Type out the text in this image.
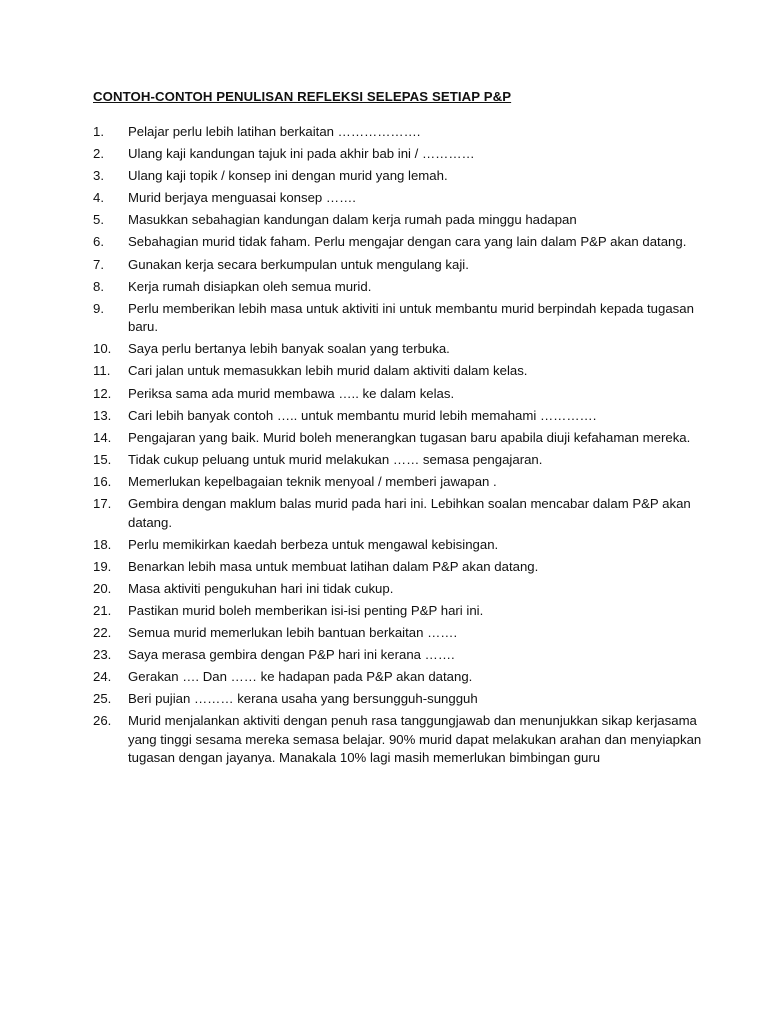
CONTOH-CONTOH PENULISAN REFLEKSI SELEPAS SETIAP P&P
1.	Pelajar perlu lebih latihan berkaitan ……………….
2.	Ulang kaji kandungan tajuk ini pada akhir bab ini / …………
3.	Ulang kaji topik / konsep ini dengan murid yang lemah.
4.	Murid berjaya menguasai konsep …….
5.	Masukkan sebahagian kandungan dalam kerja rumah pada minggu hadapan
6.	Sebahagian murid tidak faham. Perlu mengajar dengan cara yang lain dalam P&P akan datang.
7.	Gunakan kerja secara berkumpulan untuk mengulang kaji.
8.	Kerja rumah disiapkan oleh semua murid.
9.	Perlu memberikan lebih masa untuk aktiviti ini untuk membantu murid berpindah kepada tugasan baru.
10.	Saya perlu bertanya lebih banyak soalan yang terbuka.
11.	Cari jalan untuk memasukkan lebih murid dalam aktiviti dalam kelas.
12.	Periksa sama ada murid membawa ….. ke dalam kelas.
13.	Cari lebih banyak contoh ….. untuk membantu murid lebih memahami ………….
14.	Pengajaran yang baik. Murid boleh menerangkan tugasan baru apabila diuji kefahaman mereka.
15.	Tidak cukup peluang untuk murid melakukan …… semasa pengajaran.
16.	Memerlukan kepelbagaian teknik menyoal / memberi jawapan .
17.	Gembira dengan maklum balas murid pada hari ini. Lebihkan soalan mencabar dalam P&P akan datang.
18.	Perlu memikirkan kaedah berbeza untuk mengawal kebisingan.
19.	Benarkan lebih masa untuk membuat latihan dalam P&P akan datang.
20.	Masa aktiviti pengukuhan hari ini tidak cukup.
21.	Pastikan murid boleh memberikan isi-isi penting P&P hari ini.
22.	Semua murid memerlukan lebih bantuan berkaitan …….
23.	Saya merasa gembira dengan P&P hari ini kerana …….
24.	Gerakan …. Dan …… ke hadapan pada P&P akan datang.
25.	Beri pujian ……… kerana usaha yang bersungguh-sungguh
26.	Murid menjalankan aktiviti dengan penuh rasa tanggungjawab dan menunjukkan sikap kerjasama yang tinggi sesama mereka semasa belajar. 90% murid dapat melakukan arahan dan menyiapkan tugasan dengan jayanya. Manakala 10% lagi masih memerlukan bimbingan guru
